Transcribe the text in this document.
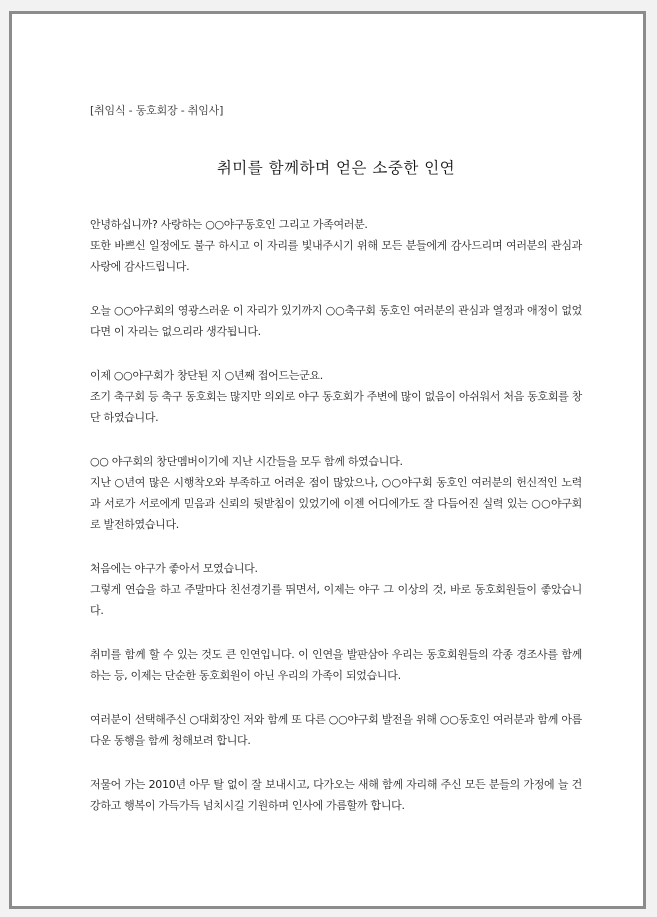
[취임식 - 동호회장 - 취임사]
취미를 함께하며 얻은 소중한 인연
안녕하십니까? 사랑하는 ○○야구동호인 그리고 가족여러분.
또한 바쁘신 일정에도 불구 하시고 이 자리를 빛내주시기 위해 모든 분들에게 감사드리며 여러분의 관심과 사랑에 감사드립니다.
오늘 ○○야구회의 영광스러운 이 자리가 있기까지 ○○축구회 동호인 여러분의 관심과 열정과 애정이 없었다면 이 자리는 없으리라 생각됩니다.
이제 ○○야구회가 창단된 지 ○년째 접어드는군요.
조기 축구회 등 축구 동호회는 많지만 의외로 야구 동호회가 주변에 많이 없음이 아쉬워서 처음 동호회를 창단 하였습니다.
○○ 야구회의 창단멤버이기에 지난 시간들을 모두 함께 하였습니다.
지난 ○년여 많은 시행착오와 부족하고 어려운 점이 많았으나, ○○야구회 동호인 여러분의 헌신적인 노력과 서로가 서로에게 믿음과 신뢰의 뒷받침이 있었기에 이젠 어디에가도 잘 다듬어진 실력 있는 ○○야구회로 발전하였습니다.
처음에는 야구가 좋아서 모였습니다.
그렇게 연습을 하고 주말마다 친선경기를 뛰면서, 이제는 야구 그 이상의 것, 바로 동호회원들이 좋았습니다.
취미를 함께 할 수 있는 것도 큰 인연입니다. 이 인연을 발판삼아 우리는 동호회원들의 각종 경조사를 함께 하는 등, 이제는 단순한 동호회원이 아닌 우리의 가족이 되었습니다.
여러분이 선택해주신 ○대회장인 저와 함께 또 다른 ○○야구회 발전을 위해 ○○동호인 여러분과 함께 아름다운 동행을 함께 청해보려 합니다.
저물어 가는 2010년 아무 탈 없이 잘 보내시고, 다가오는 새해 함께 자리해 주신 모든 분들의 가정에 늘 건강하고 행복이 가득가득 넘치시길 기원하며 인사에 가름할까 합니다.
